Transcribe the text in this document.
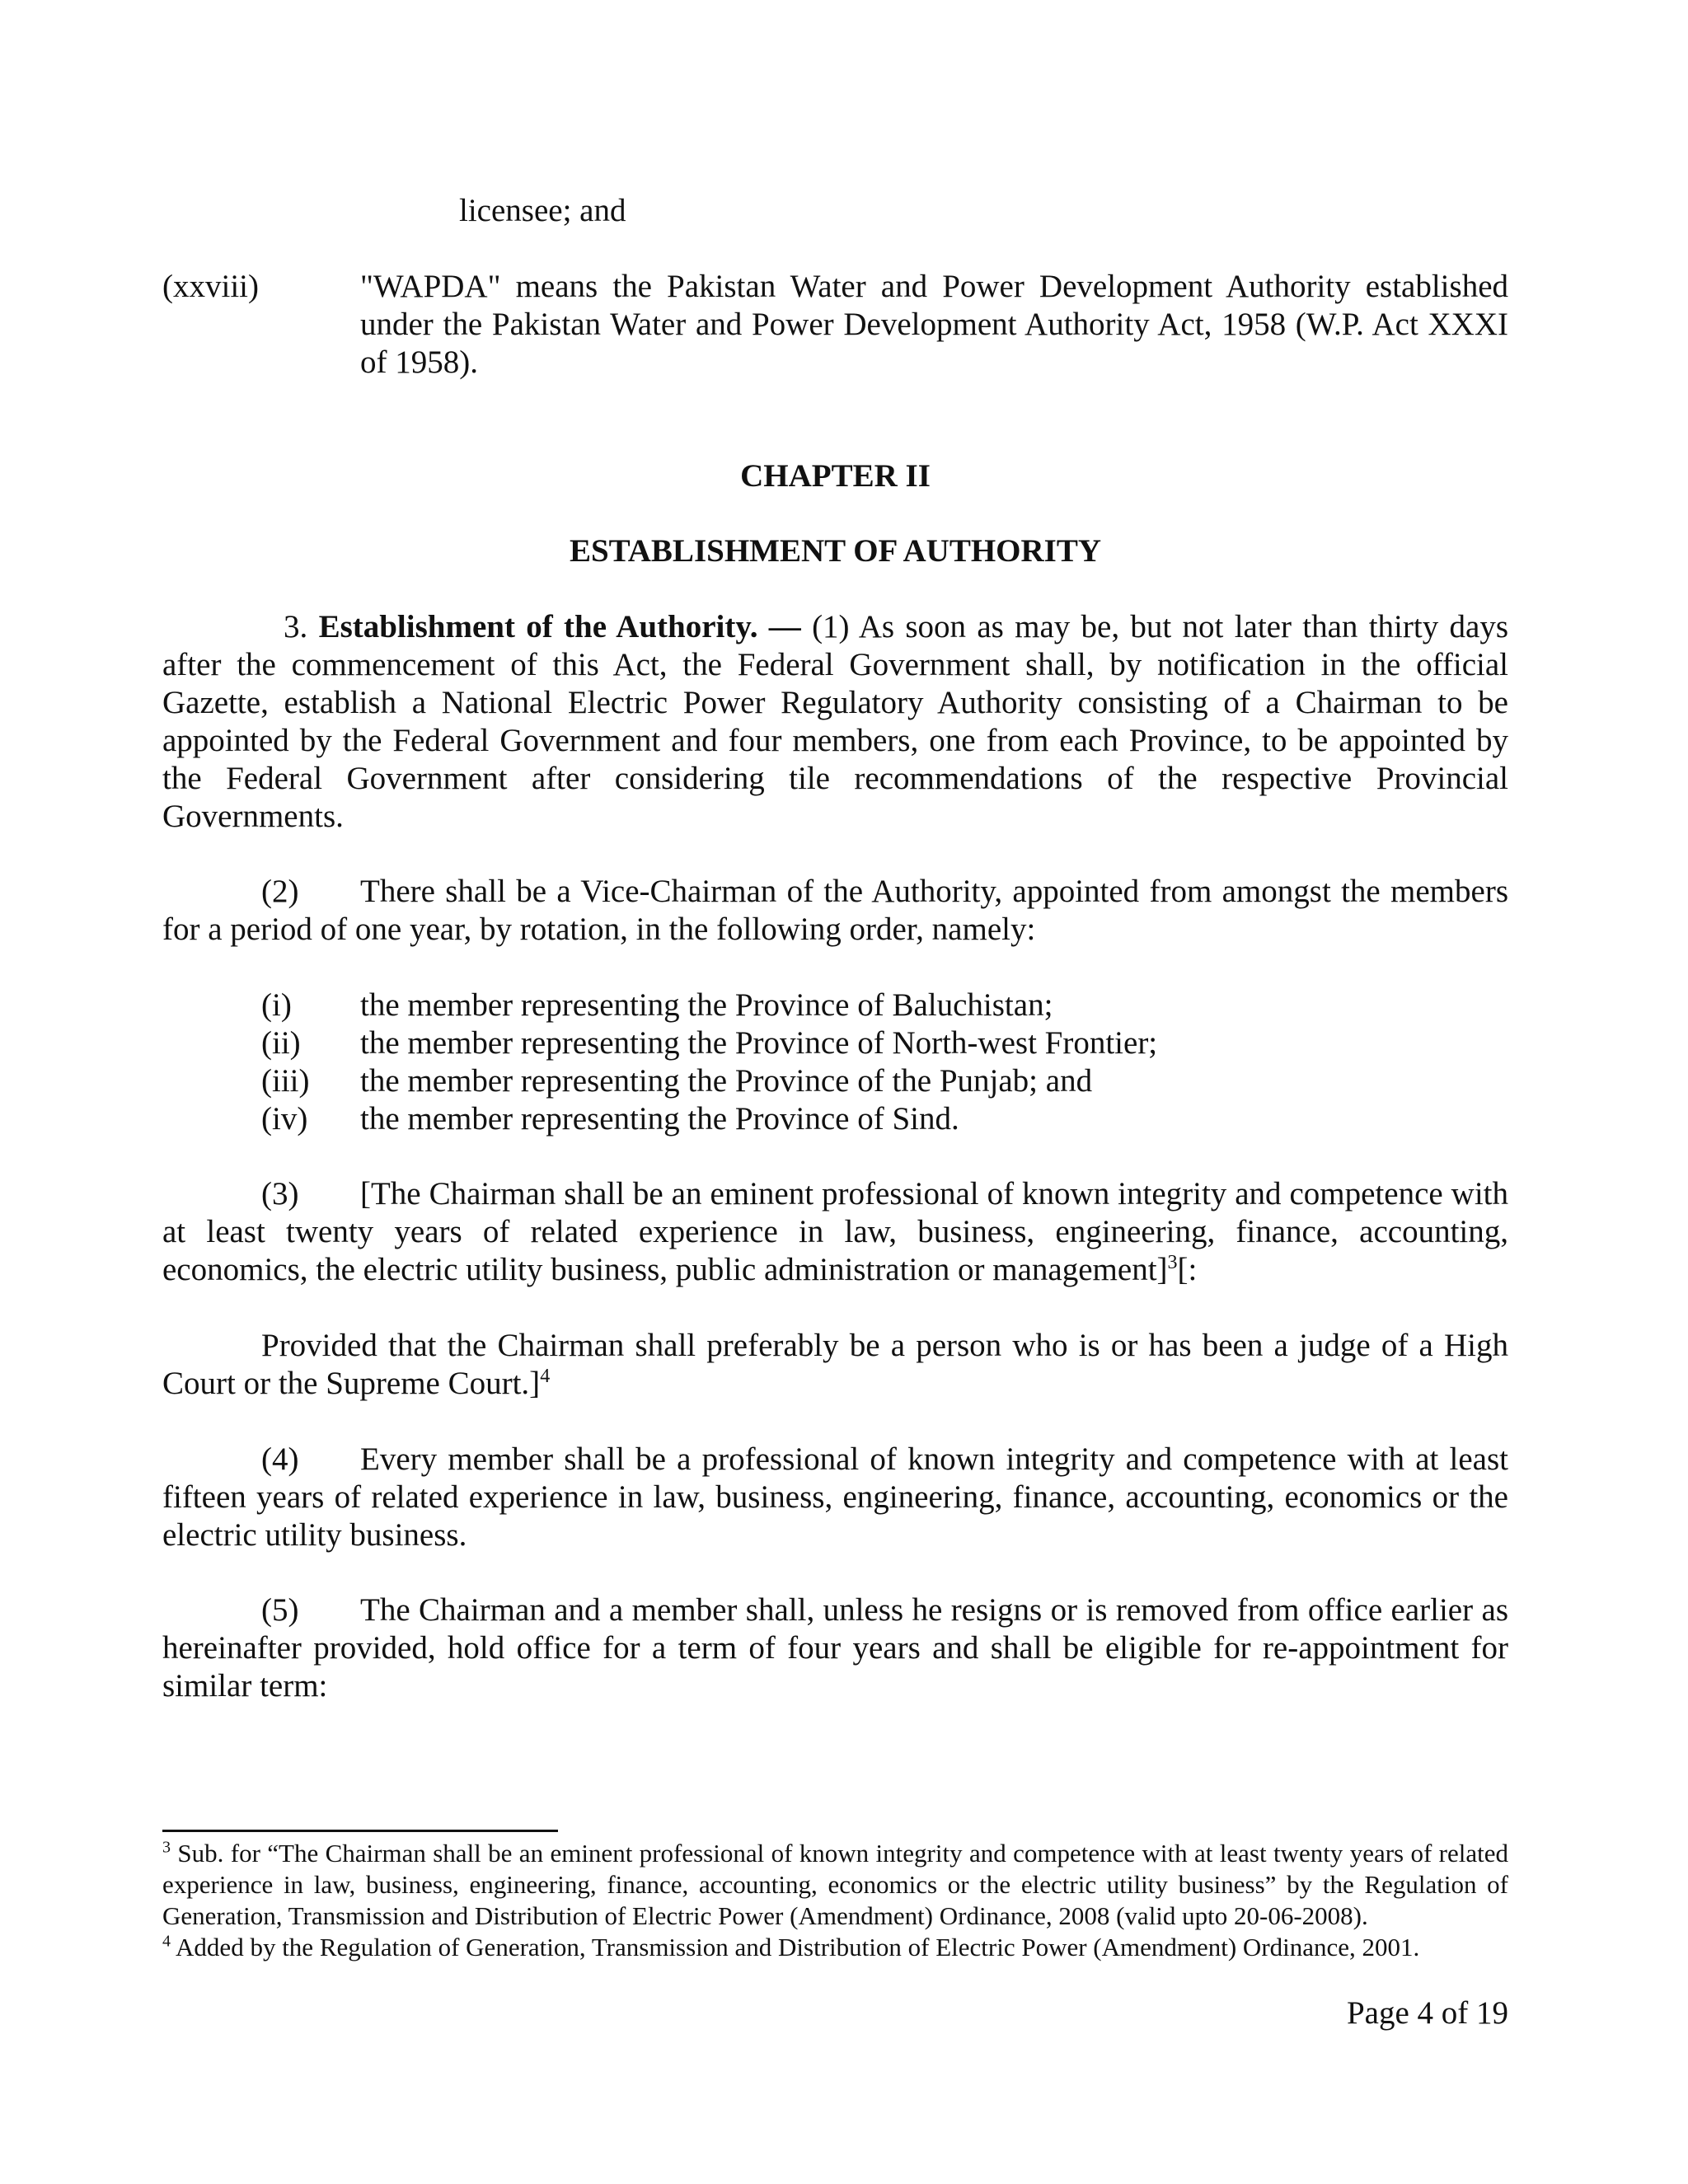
licensee; and
(xxviii)	"WAPDA" means the Pakistan Water and Power Development Authority established under the Pakistan Water and Power Development Authority Act, 1958 (W.P. Act XXXI of 1958).
CHAPTER II
ESTABLISHMENT OF AUTHORITY
3. Establishment of the Authority. — (1) As soon as may be, but not later than thirty days after the commencement of this Act, the Federal Government shall, by notification in the official Gazette, establish a National Electric Power Regulatory Authority consisting of a Chairman to be appointed by the Federal Government and four members, one from each Province, to be appointed by the Federal Government after considering tile recommendations of the respective Provincial Governments.
(2) There shall be a Vice-Chairman of the Authority, appointed from amongst the members for a period of one year, by rotation, in the following order, namely:
(i) the member representing the Province of Baluchistan;
(ii) the member representing the Province of North-west Frontier;
(iii) the member representing the Province of the Punjab; and
(iv) the member representing the Province of Sind.
(3) [The Chairman shall be an eminent professional of known integrity and competence with at least twenty years of related experience in law, business, engineering, finance, accounting, economics, the electric utility business, public administration or management]$^3$[:
Provided that the Chairman shall preferably be a person who is or has been a judge of a High Court or the Supreme Court.]$^4$
(4) Every member shall be a professional of known integrity and competence with at least fifteen years of related experience in law, business, engineering, finance, accounting, economics or the electric utility business.
(5) The Chairman and a member shall, unless he resigns or is removed from office earlier as hereinafter provided, hold office for a term of four years and shall be eligible for re-appointment for similar term:
$^3$ Sub. for “The Chairman shall be an eminent professional of known integrity and competence with at least twenty years of related experience in law, business, engineering, finance, accounting, economics or the electric utility business” by the Regulation of Generation, Transmission and Distribution of Electric Power (Amendment) Ordinance, 2008 (valid upto 20-06-2008).
$^4$ Added by the Regulation of Generation, Transmission and Distribution of Electric Power (Amendment) Ordinance, 2001.
Page 4 of 19
